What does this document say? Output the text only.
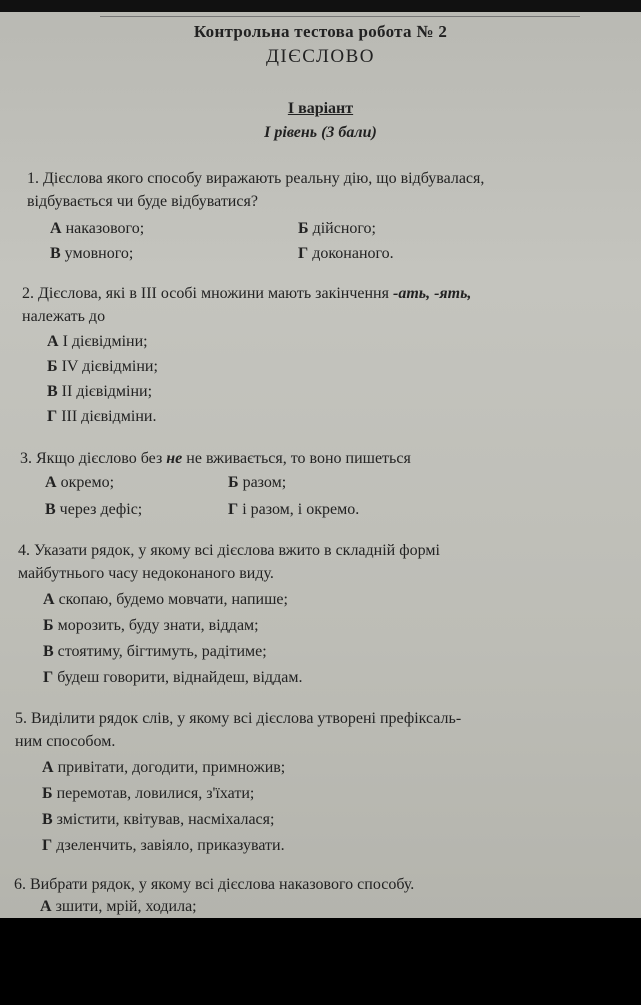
Контрольна тестова робота № 2
ДІЄСЛОВО
І варіант
І рівень (3 бали)
1. Дієслова якого способу виражають реальну дію, що відбувалася,
відбувається чи буде відбуватися?
А наказового;	Б дійсного;
В умовного;	Г доконаного.
2. Дієслова, які в ІІІ особі множини мають закінчення -ать, -ять,
належать до
А І дієвідміни;
Б ІV дієвідміни;
В ІІ дієвідміни;
Г ІІІ дієвідміни.
3. Якщо дієслово без не не вживається, то воно пишеться
А окремо;	Б разом;
В через дефіс;	Г і разом, і окремо.
4. Указати рядок, у якому всі дієслова вжито в складній формі
майбутнього часу недоконаного виду.
А скопаю, будемо мовчати, напише;
Б морозить, буду знати, віддам;
В стоятиму, бігтимуть, радітиме;
Г будеш говорити, віднайдеш, віддам.
5. Виділити рядок слів, у якому всі дієслова утворені префіксаль-
ним способом.
А привітати, догодити, примножив;
Б перемотав, ловилися, з'їхати;
В змістити, квітував, насміхалася;
Г дзеленчить, завіяло, приказувати.
6. Вибрати рядок, у якому всі дієслова наказового способу.
А зшити, мрій, ходила;
